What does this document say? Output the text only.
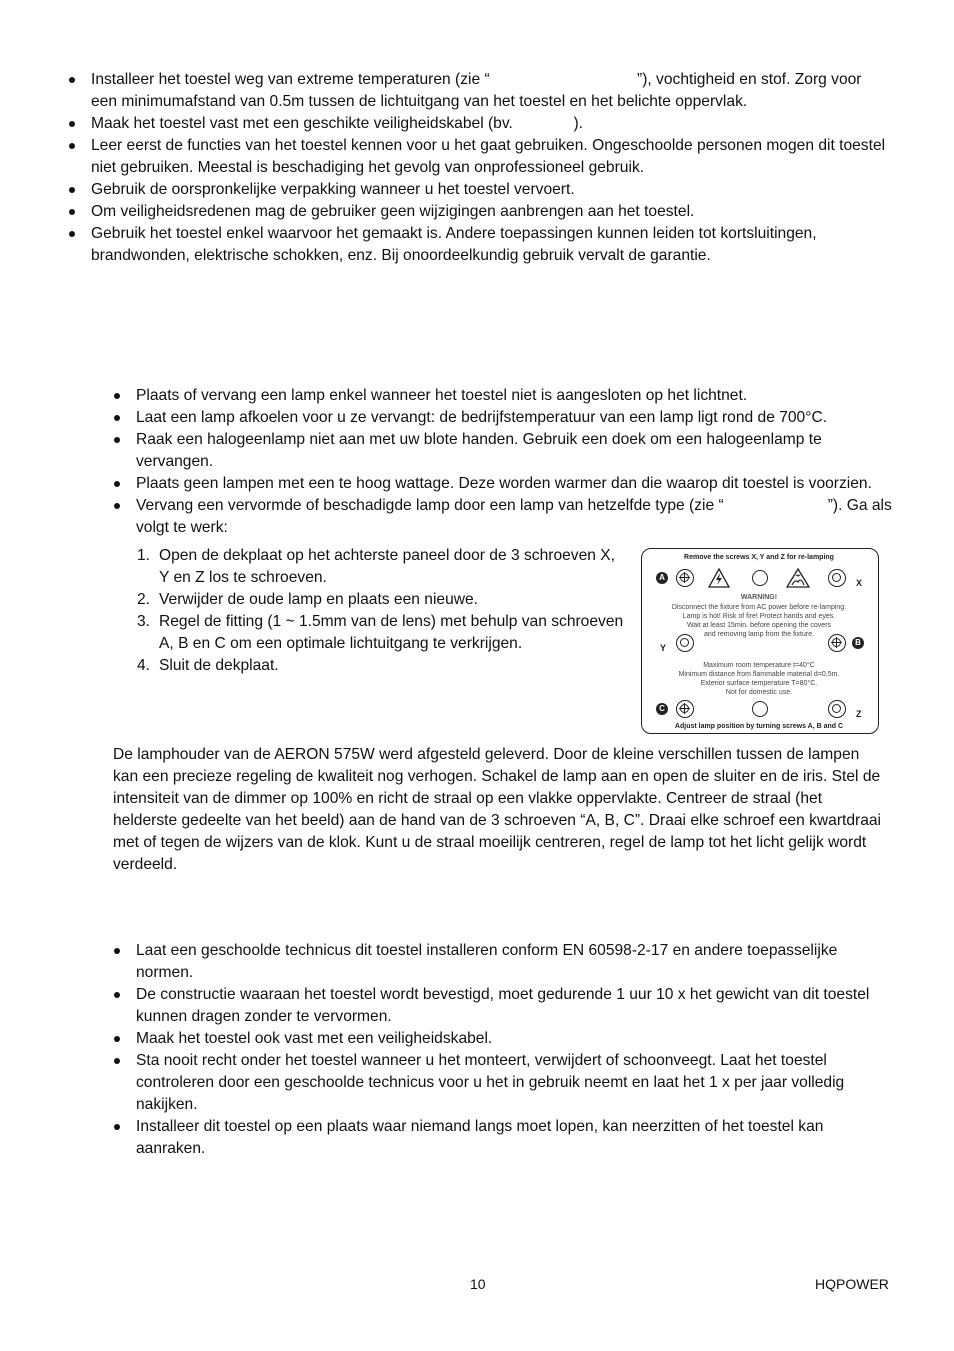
Installeer het toestel weg van extreme temperaturen (zie “                                  ”), vochtigheid en stof. Zorg voor een minimumafstand van 0.5m tussen de lichtuitgang van het toestel en het belichte oppervlak.
Maak het toestel vast met een geschikte veiligheidskabel (bv.              ).
Leer eerst de functies van het toestel kennen voor u het gaat gebruiken. Ongeschoolde personen mogen dit toestel niet gebruiken. Meestal is beschadiging het gevolg van onprofessioneel gebruik.
Gebruik de oorspronkelijke verpakking wanneer u het toestel vervoert.
Om veiligheidsredenen mag de gebruiker geen wijzigingen aanbrengen aan het toestel.
Gebruik het toestel enkel waarvoor het gemaakt is. Andere toepassingen kunnen leiden tot kortsluitingen, brandwonden, elektrische schokken, enz. Bij onoordeelkundig gebruik vervalt de garantie.
Plaats of vervang een lamp enkel wanneer het toestel niet is aangesloten op het lichtnet.
Laat een lamp afkoelen voor u ze vervangt: de bedrijfstemperatuur van een lamp ligt rond de 700°C.
Raak een halogeenlamp niet aan met uw blote handen. Gebruik een doek om een halogeenlamp te vervangen.
Plaats geen lampen met een te hoog wattage. Deze worden warmer dan die waarop dit toestel is voorzien.
Vervang een vervormde of beschadigde lamp door een lamp van hetzelfde type (zie “                        ”). Ga als volgt te werk:
1. Open de dekplaat op het achterste paneel door de 3 schroeven X, Y en Z los te schroeven.
2. Verwijder de oude lamp en plaats een nieuwe.
3. Regel de fitting (1 ~ 1.5mm van de lens) met behulp van schroeven A, B en C om een optimale lichtuitgang te verkrijgen.
4. Sluit de dekplaat.
Remove the screws X, Y and Z for re-lamping
A
X
WARNING!
Disconnect the fixture from AC power before re-lamping.
Lamp is hot! Risk of fire! Protect hands and eyes.
Wait at least 15min. before opening the covers
and removing lamp from the fixture.
Y
B
Maximum room temperature t=40°C
Minimum distance from flammable material d=0,5m.
Exterior surface temperature T=80°C.
Not for domestic use.
C
Z
Adjust lamp position by turning screws A, B and C
De lamphouder van de AERON 575W werd afgesteld geleverd. Door de kleine verschillen tussen de lampen kan een precieze regeling de kwaliteit nog verhogen. Schakel de lamp aan en open de sluiter en de iris. Stel de intensiteit van de dimmer op 100% en richt de straal op een vlakke oppervlakte. Centreer de straal (het helderste gedeelte van het beeld) aan de hand van de 3 schroeven “A, B, C”. Draai elke schroef een kwartdraai met of tegen de wijzers van de klok. Kunt u de straal moeilijk centreren, regel de lamp tot het licht gelijk wordt verdeeld.
Laat een geschoolde technicus dit toestel installeren conform EN 60598-2-17 en andere toepasselijke normen.
De constructie waaraan het toestel wordt bevestigd, moet gedurende 1 uur 10 x het gewicht van dit toestel kunnen dragen zonder te vervormen.
Maak het toestel ook vast met een veiligheidskabel.
Sta nooit recht onder het toestel wanneer u het monteert, verwijdert of schoonveegt. Laat het toestel controleren door een geschoolde technicus voor u het in gebruik neemt en laat het 1 x per jaar volledig nakijken.
Installeer dit toestel op een plaats waar niemand langs moet lopen, kan neerzitten of het toestel kan aanraken.
10	HQPOWER
